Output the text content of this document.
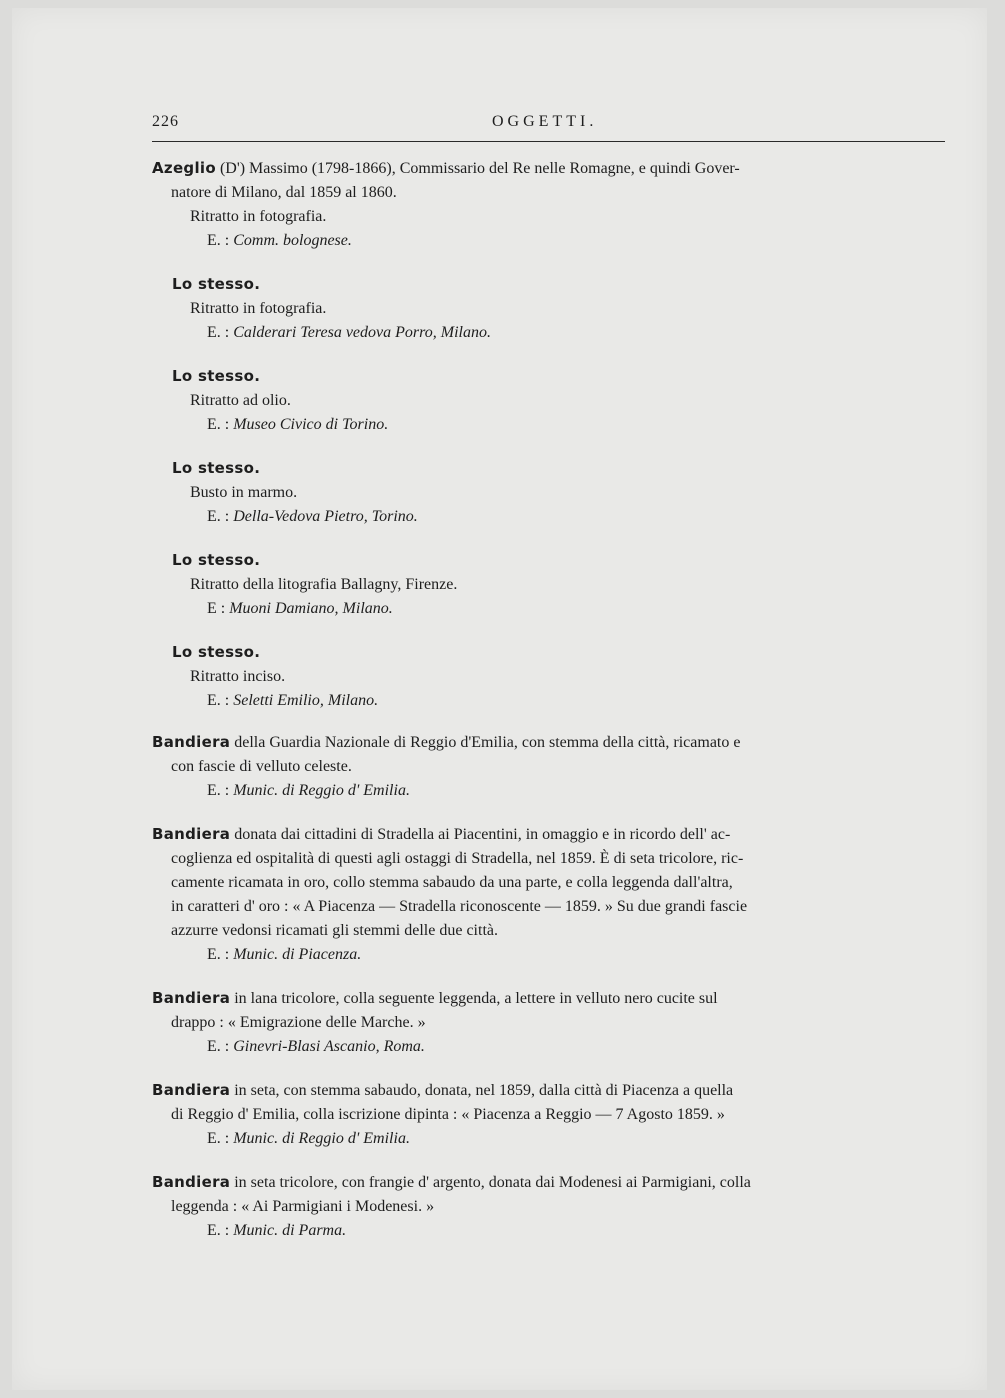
226	OGGETTI.

Azeglio (D') Massimo (1798-1866), Commissario del Re nelle Romagne, e quindi Gover-

natore di Milano, dal 1859 al 1860.

Ritratto in fotografia.

E. : Comm. bolognese.

Lo stesso.

Ritratto in fotografia.

E. : Calderari Teresa vedova Porro, Milano.

Lo stesso.

Ritratto ad olio.

E. : Museo Civico di Torino.

Lo stesso.

Busto in marmo.

E. : Della-Vedova Pietro, Torino.

Lo stesso.

Ritratto della litografia Ballagny, Firenze.

E : Muoni Damiano, Milano.

Lo stesso.

Ritratto inciso.

E. : Seletti Emilio, Milano.

Bandiera della Guardia Nazionale di Reggio d'Emilia, con stemma della città, ricamato e

con fascie di velluto celeste.

E. : Munic. di Reggio d' Emilia.

Bandiera donata dai cittadini di Stradella ai Piacentini, in omaggio e in ricordo dell' ac-

coglienza ed ospitalità di questi agli ostaggi di Stradella, nel 1859. È di seta tricolore, ric-

camente ricamata in oro, collo stemma sabaudo da una parte, e colla leggenda dall'altra,

in caratteri d' oro : « A Piacenza — Stradella riconoscente — 1859. » Su due grandi fascie

azzurre vedonsi ricamati gli stemmi delle due città.

E. : Munic. di Piacenza.

Bandiera in lana tricolore, colla seguente leggenda, a lettere in velluto nero cucite sul

drappo : « Emigrazione delle Marche. »

E. : Ginevri-Blasi Ascanio, Roma.

Bandiera in seta, con stemma sabaudo, donata, nel 1859, dalla città di Piacenza a quella

di Reggio d' Emilia, colla iscrizione dipinta : « Piacenza a Reggio — 7 Agosto 1859. »

E. : Munic. di Reggio d' Emilia.

Bandiera in seta tricolore, con frangie d' argento, donata dai Modenesi ai Parmigiani, colla

leggenda : « Ai Parmigiani i Modenesi. »

E. : Munic. di Parma.
